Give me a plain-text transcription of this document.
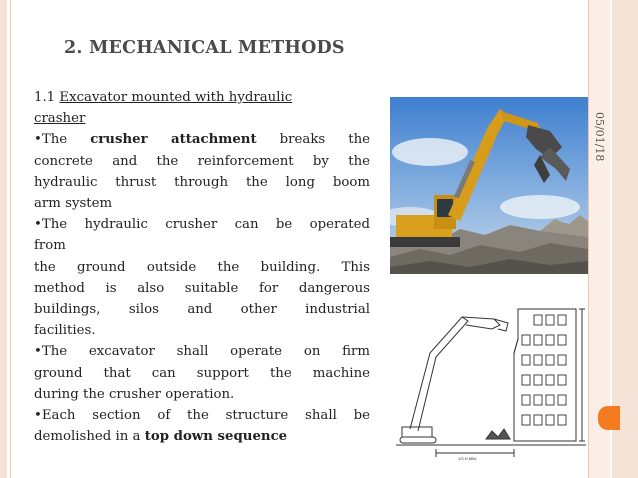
05/01/18
2. MECHANICAL METHODS

1.1 Excavator mounted with hydraulic

crasher

•The crusher attachment breaks the

concrete and the reinforcement by the

hydraulic thrust through the long boom

arm system

•The hydraulic crusher can be operated

from

the ground outside the building. This

method is also suitable for dangerous

buildings, silos and other industrial

facilities.

•The excavator shall operate on firm

ground that can support the machine

during the crusher operation.

•Each section of the structure shall be

demolished in a top down sequence

1/3 H MIN.
